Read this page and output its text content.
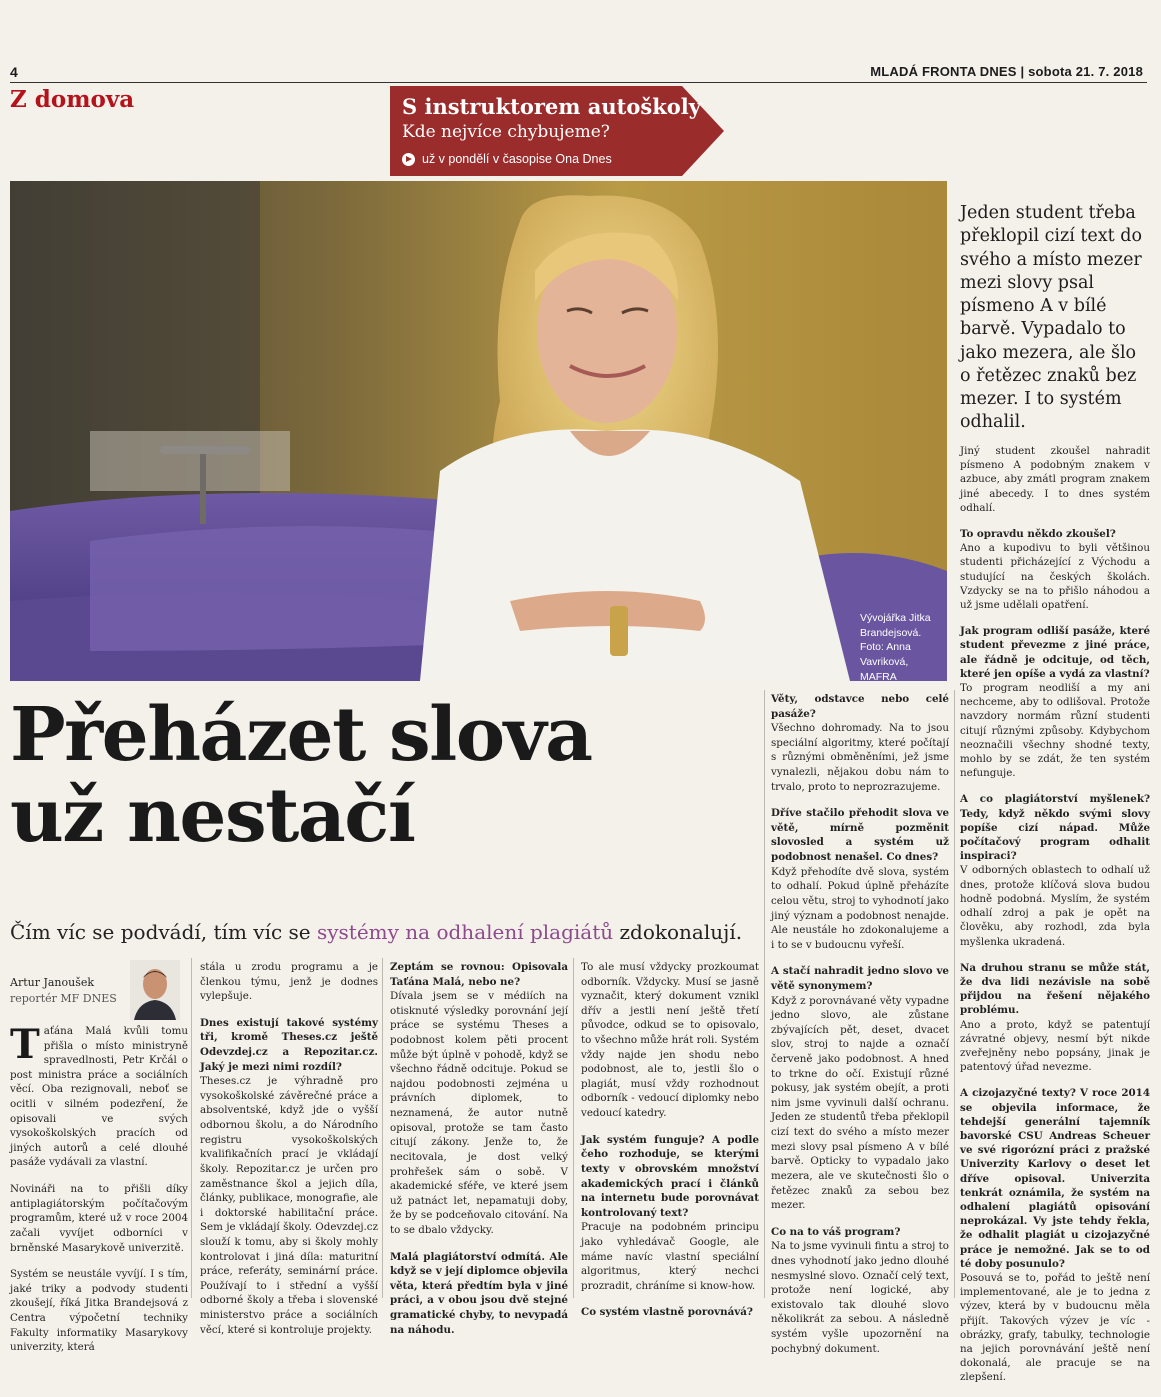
4	MLADÁ FRONTA DNES | sobota 21. 7. 2018
Z domova	S instruktorem autoškoly
Kde nejvíce chybujeme?
už v pondělí v časopise Ona Dnes
Vývojářka Jitka Brandejsová. Foto: Anna Vavriková, MAFRA
Jeden student třeba překlopil cizí text do svého a místo mezer mezi slovy psal písmeno A v bílé barvě. Vypadalo to jako mezera, ale šlo o řetězec znaků bez mezer. I to systém odhalil.
Přeházet slova
už nestačí
Čím víc se podvádí, tím víc se systémy na odhalení plagiátů zdokonalují.
Artur Janoušek
reportér MF DNES

Taťána Malá kvůli tomu přišla o místo ministryně spravedlnosti, Petr Krčál o post ministra práce a sociálních věcí. Oba rezignovali, neboť se ocitli v silném podezření, že opisovali ve svých vysokoškolských pracích od jiných autorů a celé dlouhé pasáže vydávali za vlastní.

Novináři na to přišli díky antiplagiátorským počítačovým programům, které už v roce 2004 začali vyvíjet odborníci v brněnské Masarykově univerzitě.

Systém se neustále vyvíjí. I s tím, jaké triky a podvody studenti zkoušejí, říká Jitka Brandejsová z Centra výpočetní techniky Fakulty informatiky Masarykovy univerzity, která

stála u zrodu programu a je členkou týmu, jenž je dodnes vylepšuje.

Dnes existují takové systémy tři, kromě Theses.cz ještě Odevzdej.cz a Repozitar.cz. Jaký je mezi nimi rozdíl?

Theses.cz je výhradně pro vysokoškolské závěrečné práce a absolventské, když jde o vyšší odbornou školu, a do Národního registru vysokoškolských kvalifikačních prací je vkládají školy. Repozitar.cz je určen pro zaměstnance škol a jejich díla, články, publikace, monografie, ale i doktorské habilitační práce. Sem je vkládají školy. Odevzdej.cz slouží k tomu, aby si školy mohly kontrolovat i jiná díla: maturitní práce, referáty, seminární práce. Používají to i střední a vyšší odborné školy a třeba i slovenské ministerstvo práce a sociálních věcí, které si kontroluje projekty.

Zeptám se rovnou: Opisovala Taťána Malá, nebo ne?

Dívala jsem se v médiích na otisknuté výsledky porovnání její práce se systému Theses a podobnost kolem pěti procent může být úplně v pohodě, když se všechno řádně odcituje. Pokud se najdou podobnosti zejména u právních diplomek, to neznamená, že autor nutně opisoval, protože se tam často citují zákony. Jenže to, že necitovala, je dost velký prohřešek sám o sobě. V akademické sféře, ve které jsem už patnáct let, nepamatuji doby, že by se podceňovalo citování. Na to se dbalo vždycky.

Malá plagiátorství odmítá. Ale když se v její diplomce objevila věta, která předtím byla v jiné práci, a v obou jsou dvě stejné gramatické chyby, to nevypadá na náhodu.

To ale musí vždycky prozkoumat odborník. Vždycky. Musí se jasně vyznačit, který dokument vznikl dřív a jestli není ještě třetí původce, odkud se to opisovalo, to všechno může hrát roli. Systém vždy najde jen shodu nebo podobnost, ale to, jestli šlo o plagiát, musí vždy rozhodnout odborník - vedoucí diplomky nebo vedoucí katedry.

Jak systém funguje? A podle čeho rozhoduje, se kterými texty v obrovském množství akademických prací i článků na internetu bude porovnávat kontrolovaný text?

Pracuje na podobném principu jako vyhledávač Google, ale máme navíc vlastní speciální algoritmus, který nechci prozradit, chráníme si know-how.

Co systém vlastně porovnává?

Věty, odstavce nebo celé pasáže?

Všechno dohromady. Na to jsou speciální algoritmy, které počítají s různými obměněními, jež jsme vynalezli, nějakou dobu nám to trvalo, proto to neprozrazujeme.

Dříve stačilo přehodit slova ve větě, mírně pozměnit slovosled a systém už podobnost nenašel. Co dnes?

Když přehodíte dvě slova, systém to odhalí. Pokud úplně přeházíte celou větu, stroj to vyhodnotí jako jiný význam a podobnost nenajde. Ale neustále ho zdokonalujeme a i to se v budoucnu vyřeší.

A stačí nahradit jedno slovo ve větě synonymem?

Když z porovnávané věty vypadne jedno slovo, ale zůstane zbývajících pět, deset, dvacet slov, stroj to najde a označí červeně jako podobnost. A hned to trkne do očí. Existují různé pokusy, jak systém obejít, a proti nim jsme vyvinuli další ochranu. Jeden ze studentů třeba překlopil cizí text do svého a místo mezer mezi slovy psal písmeno A v bílé barvě. Opticky to vypadalo jako mezera, ale ve skutečnosti šlo o řetězec znaků za sebou bez mezer.

Co na to váš program?

Na to jsme vyvinuli fintu a stroj to dnes vyhodnotí jako jedno dlouhé nesmyslné slovo. Označí celý text, protože není logické, aby existovalo tak dlouhé slovo několikrát za sebou. A následně systém vyšle upozornění na pochybný dokument.

Jiný student zkoušel nahradit písmeno A podobným znakem v azbuce, aby zmátl program znakem jiné abecedy. I to dnes systém odhalí.

To opravdu někdo zkoušel?

Ano a kupodivu to byli většinou studenti přicházející z Východu a studující na českých školách. Vzdycky se na to přišlo náhodou a už jsme udělali opatření.

Jak program odliší pasáže, které student převezme z jiné práce, ale řádně je odcituje, od těch, které jen opíše a vydá za vlastní?

To program neodliší a my ani nechceme, aby to odlišoval. Protože navzdory normám různí studenti citují různými způsoby. Kdybychom neoznačili všechny shodné texty, mohlo by se zdát, že ten systém nefunguje.

A co plagiátorství myšlenek? Tedy, když někdo svými slovy popíše cizí nápad. Může počítačový program odhalit inspiraci?

V odborných oblastech to odhalí už dnes, protože klíčová slova budou hodně podobná. Myslím, že systém odhalí zdroj a pak je opět na člověku, aby rozhodl, zda byla myšlenka ukradená.

Na druhou stranu se může stát, že dva lidi nezávisle na sobě přijdou na řešení nějakého problému.

Ano a proto, když se patentují závratné objevy, nesmí být nikde zveřejněny nebo popsány, jinak je patentový úřad nevezme.

A cizojazyčné texty? V roce 2014 se objevila informace, že tehdejší generální tajemník bavorské CSU Andreas Scheuer ve své rigorózní práci z pražské Univerzity Karlovy o deset let dříve opisoval. Univerzita tenkrát oznámila, že systém na odhalení plagiátů opisování neprokázal. Vy jste tehdy řekla, že odhalit plagiát u cizojazyčné práce je nemožné. Jak se to od té doby posunulo?

Posouvá se to, pořád to ještě není implementované, ale je to jedna z výzev, která by v budoucnu měla přijít. Takových výzev je víc - obrázky, grafy, tabulky, technologie na jejich porovnávání ještě není dokonalá, ale pracuje se na zlepšení.
